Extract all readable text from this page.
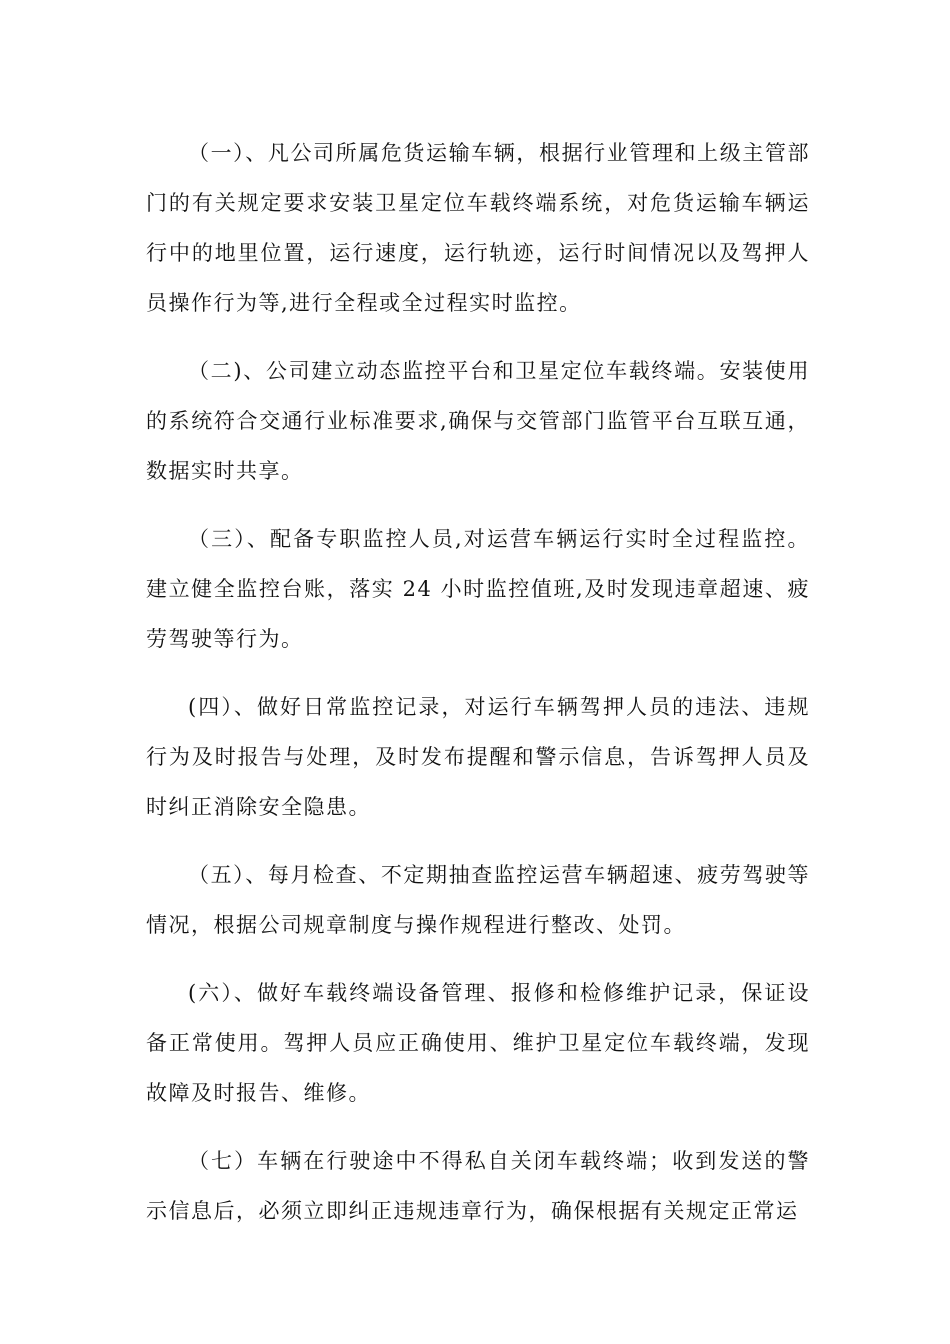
（一）、凡公司所属危货运输车辆，根据行业管理和上级主管部门的有关规定要求安装卫星定位车载终端系统，对危货运输车辆运行中的地里位置，运行速度，运行轨迹，运行时间情况以及驾押人员操作行为等,进行全程或全过程实时监控。

（二)、公司建立动态监控平台和卫星定位车载终端。安装使用的系统符合交通行业标准要求,确保与交管部门监管平台互联互通，数据实时共享。

（三）、配备专职监控人员,对运营车辆运行实时全过程监控。建立健全监控台账，落实 24 小时监控值班,及时发现违章超速、疲劳驾驶等行为。

(四）、做好日常监控记录，对运行车辆驾押人员的违法、违规行为及时报告与处理，及时发布提醒和警示信息，告诉驾押人员及时纠正消除安全隐患。

（五）、每月检查、不定期抽查监控运营车辆超速、疲劳驾驶等情况，根据公司规章制度与操作规程进行整改、处罚。

(六）、做好车载终端设备管理、报修和检修维护记录，保证设备正常使用。驾押人员应正确使用、维护卫星定位车载终端，发现故障及时报告、维修。

（七）车辆在行驶途中不得私自关闭车载终端；收到发送的警示信息后，必须立即纠正违规违章行为，确保根据有关规定正常运
